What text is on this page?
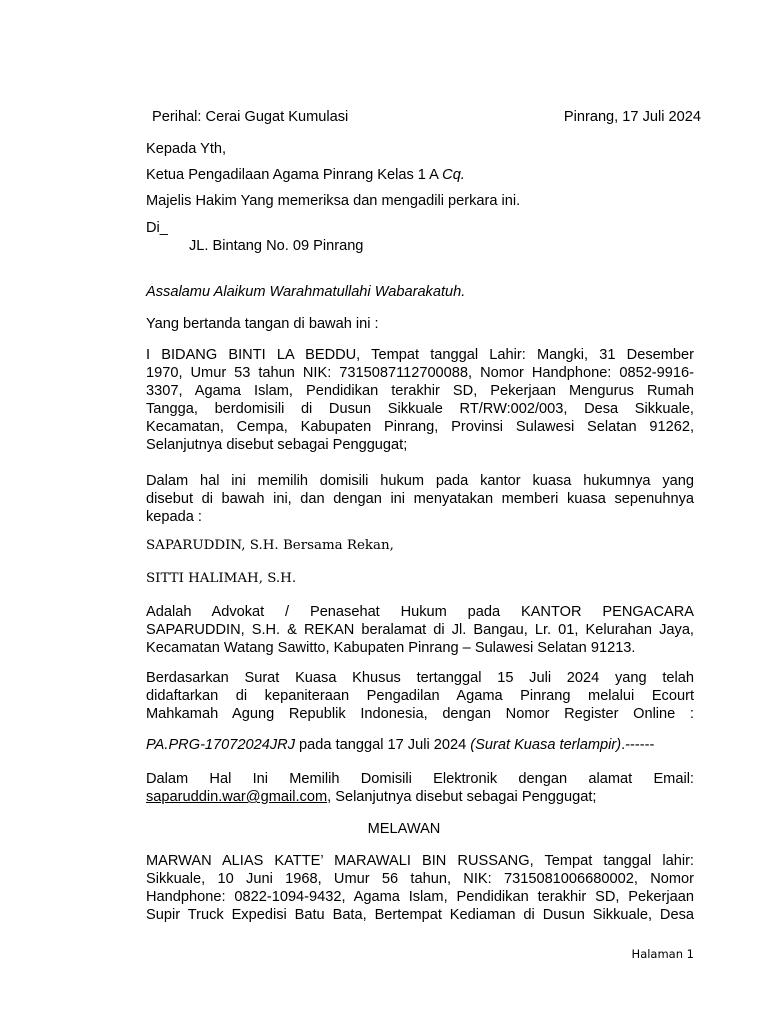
Perihal: Cerai Gugat Kumulasi	Pinrang, 17 Juli 2024
Kepada Yth,
Ketua Pengadilaan Agama Pinrang Kelas 1 A Cq.
Majelis Hakim Yang memeriksa dan mengadili perkara ini.
Di_
JL. Bintang No. 09 Pinrang
Assalamu Alaikum Warahmatullahi Wabarakatuh.
Yang bertanda tangan di bawah ini :
I BIDANG BINTI LA BEDDU, Tempat tanggal Lahir: Mangki, 31 Desember
1970, Umur 53 tahun NIK: 7315087112700088, Nomor Handphone: 0852-9916-
3307, Agama Islam, Pendidikan terakhir SD, Pekerjaan Mengurus Rumah
Tangga, berdomisili di Dusun Sikkuale RT/RW:002/003, Desa Sikkuale,
Kecamatan, Cempa, Kabupaten Pinrang, Provinsi Sulawesi Selatan 91262,
Selanjutnya disebut sebagai Penggugat;
Dalam hal ini memilih domisili hukum pada kantor kuasa hukumnya yang
disebut di bawah ini, dan dengan ini menyatakan memberi kuasa sepenuhnya
kepada :
SAPARUDDIN, S.H. Bersama Rekan,
SITTI HALIMAH, S.H.
Adalah Advokat / Penasehat Hukum pada KANTOR PENGACARA
SAPARUDDIN, S.H. & REKAN beralamat di Jl. Bangau, Lr. 01, Kelurahan Jaya,
Kecamatan Watang Sawitto, Kabupaten Pinrang – Sulawesi Selatan 91213.
Berdasarkan Surat Kuasa Khusus tertanggal 15 Juli 2024 yang telah
didaftarkan di kepaniteraan Pengadilan Agama Pinrang melalui Ecourt
Mahkamah Agung Republik Indonesia, dengan Nomor Register Online :
PA.PRG-17072024JRJ pada tanggal 17 Juli 2024 (Surat Kuasa terlampir).------
Dalam Hal Ini Memilih Domisili Elektronik dengan alamat Email:
saparuddin.war@gmail.com, Selanjutnya disebut sebagai Penggugat;
MELAWAN
MARWAN ALIAS KATTE’ MARAWALI BIN RUSSANG, Tempat tanggal lahir:
Sikkuale, 10 Juni 1968, Umur 56 tahun, NIK: 7315081006680002, Nomor
Handphone: 0822-1094-9432, Agama Islam, Pendidikan terakhir SD, Pekerjaan
Supir Truck Expedisi Batu Bata, Bertempat Kediaman di Dusun Sikkuale, Desa
Halaman 1
